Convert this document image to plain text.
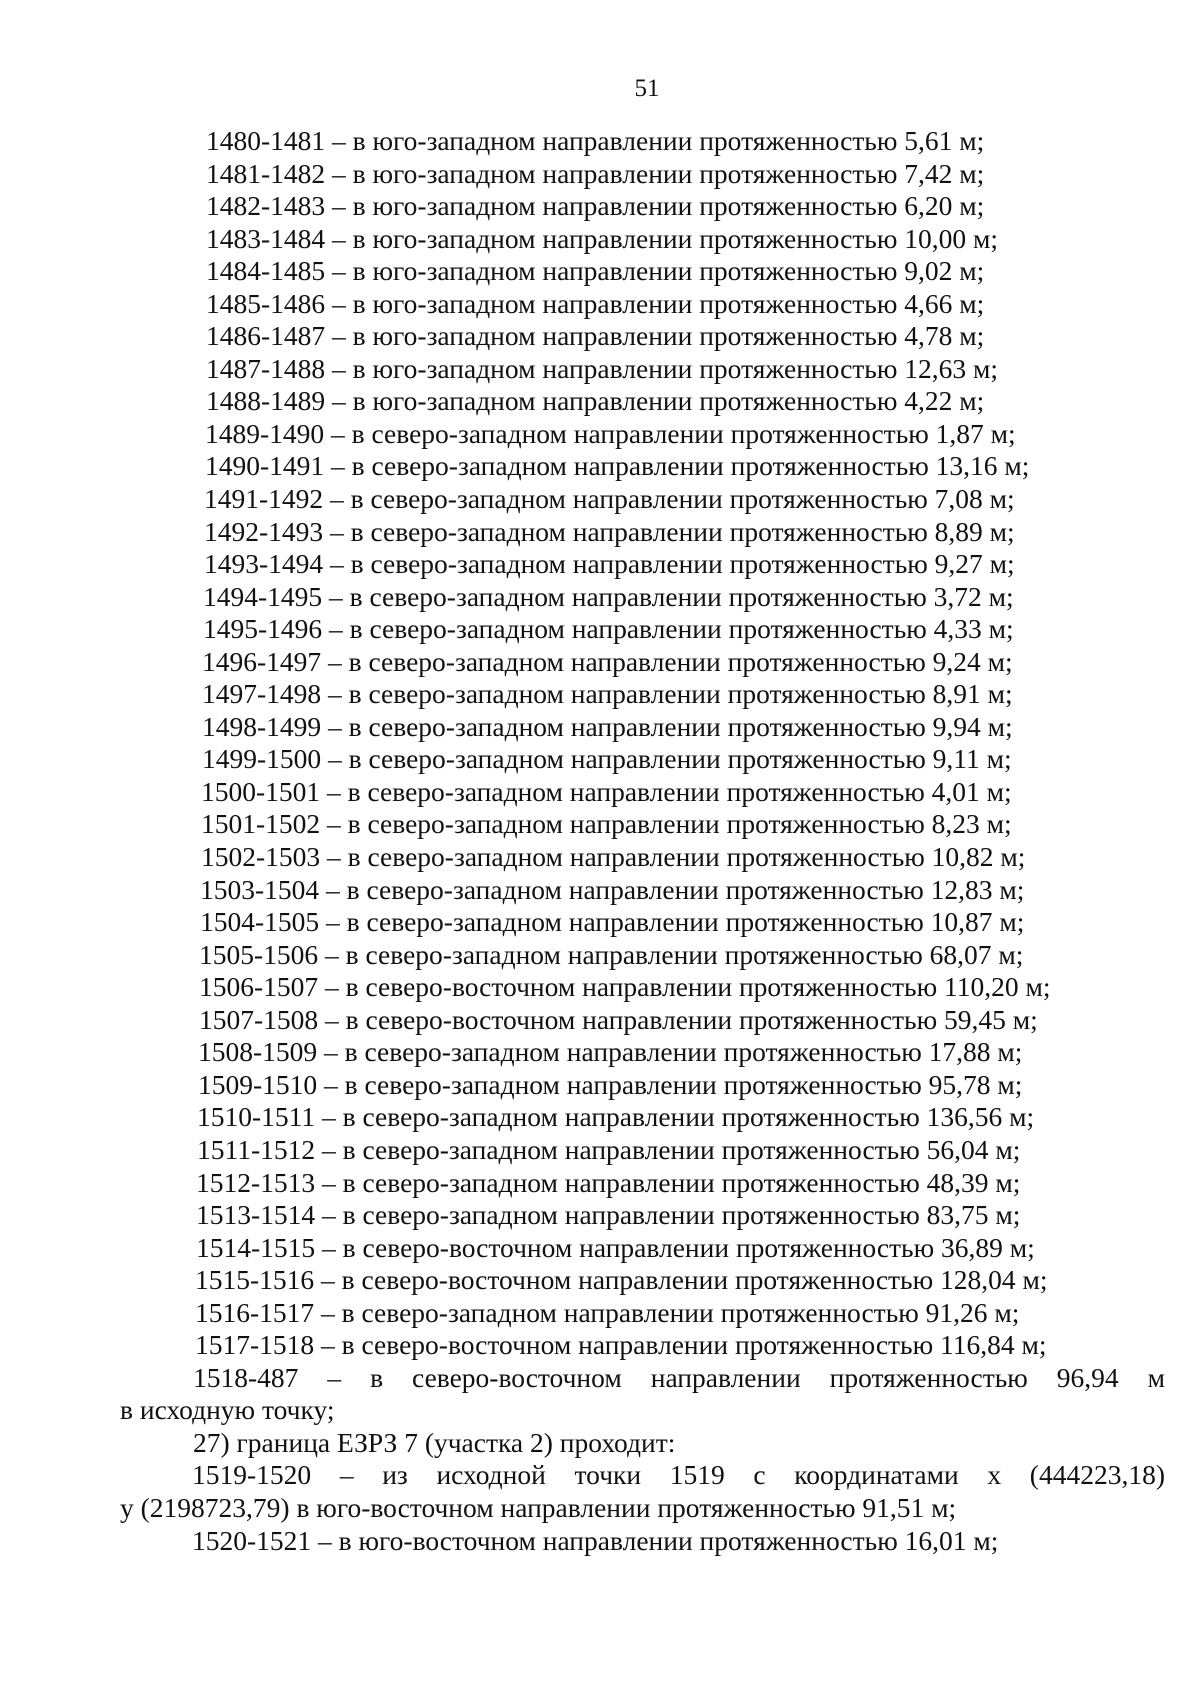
51
1480-1481 – в юго-западном направлении протяженностью 5,61 м;
1481-1482 – в юго-западном направлении протяженностью 7,42 м;
1482-1483 – в юго-западном направлении протяженностью 6,20 м;
1483-1484 – в юго-западном направлении протяженностью 10,00 м;
1484-1485 – в юго-западном направлении протяженностью 9,02 м;
1485-1486 – в юго-западном направлении протяженностью 4,66 м;
1486-1487 – в юго-западном направлении протяженностью 4,78 м;
1487-1488 – в юго-западном направлении протяженностью 12,63 м;
1488-1489 – в юго-западном направлении протяженностью 4,22 м;
1489-1490 – в северо-западном направлении протяженностью 1,87 м;
1490-1491 – в северо-западном направлении протяженностью 13,16 м;
1491-1492 – в северо-западном направлении протяженностью 7,08 м;
1492-1493 – в северо-западном направлении протяженностью 8,89 м;
1493-1494 – в северо-западном направлении протяженностью 9,27 м;
1494-1495 – в северо-западном направлении протяженностью 3,72 м;
1495-1496 – в северо-западном направлении протяженностью 4,33 м;
1496-1497 – в северо-западном направлении протяженностью 9,24 м;
1497-1498 – в северо-западном направлении протяженностью 8,91 м;
1498-1499 – в северо-западном направлении протяженностью 9,94 м;
1499-1500 – в северо-западном направлении протяженностью 9,11 м;
1500-1501 – в северо-западном направлении протяженностью 4,01 м;
1501-1502 – в северо-западном направлении протяженностью 8,23 м;
1502-1503 – в северо-западном направлении протяженностью 10,82 м;
1503-1504 – в северо-западном направлении протяженностью 12,83 м;
1504-1505 – в северо-западном направлении протяженностью 10,87 м;
1505-1506 – в северо-западном направлении протяженностью 68,07 м;
1506-1507 – в северо-восточном направлении протяженностью 110,20 м;
1507-1508 – в северо-восточном направлении протяженностью 59,45 м;
1508-1509 – в северо-западном направлении протяженностью 17,88 м;
1509-1510 – в северо-западном направлении протяженностью 95,78 м;
1510-1511 – в северо-западном направлении протяженностью 136,56 м;
1511-1512 – в северо-западном направлении протяженностью 56,04 м;
1512-1513 – в северо-западном направлении протяженностью 48,39 м;
1513-1514 – в северо-западном направлении протяженностью 83,75 м;
1514-1515 – в северо-восточном направлении протяженностью 36,89 м;
1515-1516 – в северо-восточном направлении протяженностью 128,04 м;
1516-1517 – в северо-западном направлении протяженностью 91,26 м;
1517-1518 – в северо-восточном направлении протяженностью 116,84 м;
1518-487 – в северо-восточном направлении протяженностью 96,94 м
в исходную точку;
27) граница ЕЗРЗ 7 (участка 2) проходит:
1519-1520 – из исходной точки 1519 с координатами х (444223,18)
у (2198723,79) в юго-восточном направлении протяженностью 91,51 м;
1520-1521 – в юго-восточном направлении протяженностью 16,01 м;
